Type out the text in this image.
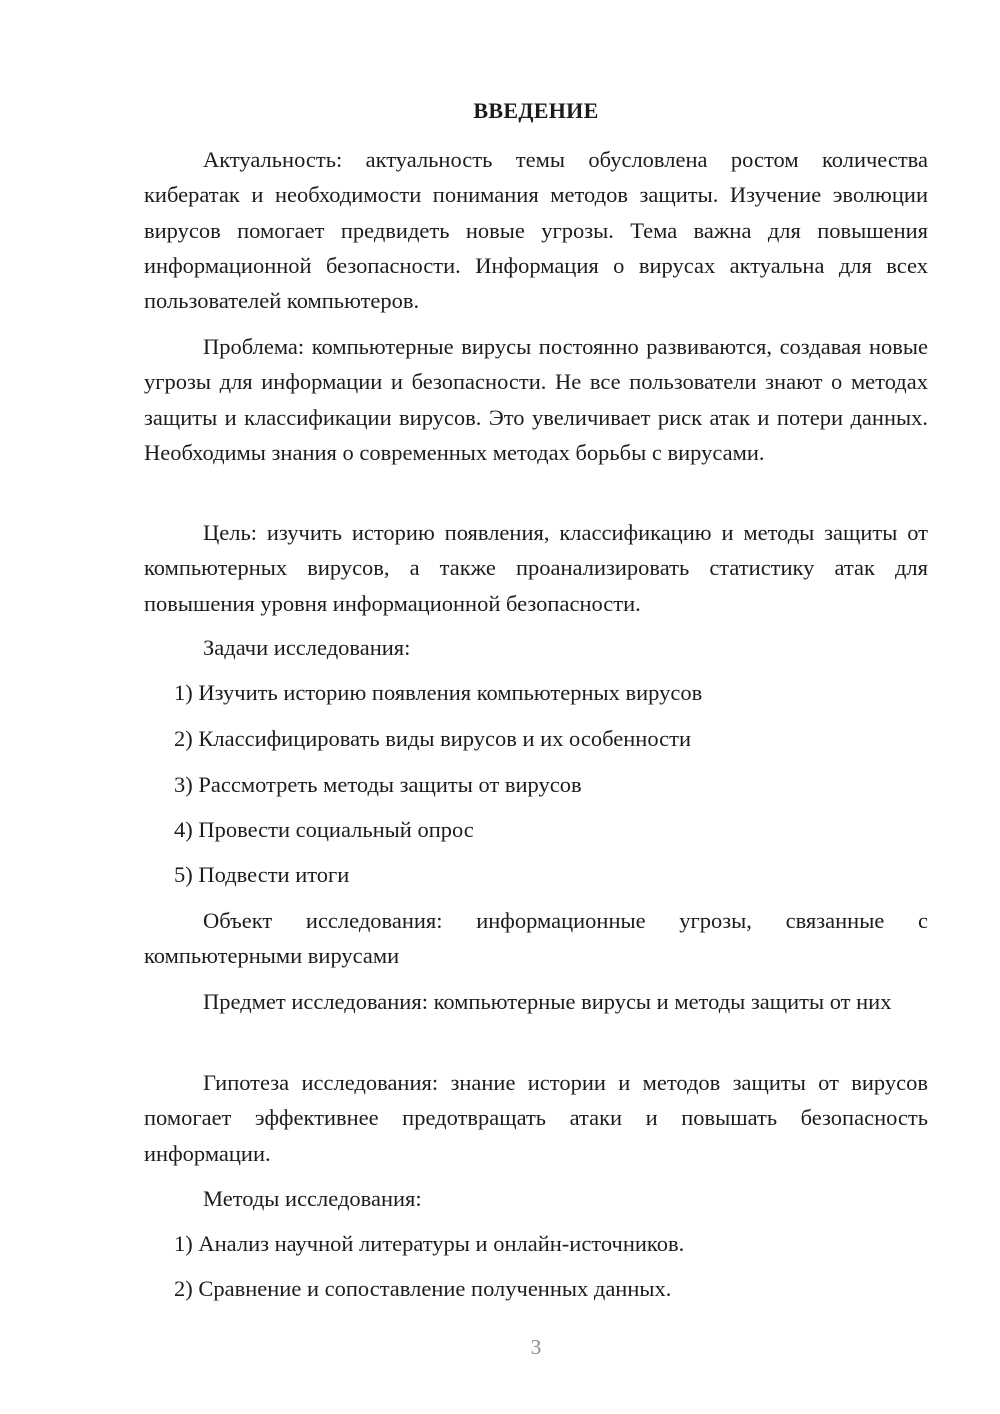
ВВЕДЕНИЕ

Актуальность: актуальность темы обусловлена ростом количества кибератак и необходимости понимания методов защиты. Изучение эволюции вирусов помогает предвидеть новые угрозы. Тема важна для повышения информационной безопасности. Информация о вирусах актуальна для всех пользователей компьютеров.

Проблема: компьютерные вирусы постоянно развиваются, создавая новые угрозы для информации и безопасности. Не все пользователи знают о методах защиты и классификации вирусов. Это увеличивает риск атак и потери данных. Необходимы знания о современных методах борьбы с вирусами.

Цель: изучить историю появления, классификацию и методы защиты от компьютерных вирусов, а также проанализировать статистику атак для повышения уровня информационной безопасности.

Задачи исследования:

1) Изучить историю появления компьютерных вирусов

2) Классифицировать виды вирусов и их особенности

3) Рассмотреть методы защиты от вирусов

4) Провести социальный опрос

5) Подвести итоги

Объект исследования: информационные угрозы, связанные с компьютерными вирусами

Предмет исследования: компьютерные вирусы и методы защиты от них

Гипотеза исследования: знание истории и методов защиты от вирусов помогает эффективнее предотвращать атаки и повышать безопасность информации.

Методы исследования:

1) Анализ научной литературы и онлайн-источников.

2) Сравнение и сопоставление полученных данных.

3
